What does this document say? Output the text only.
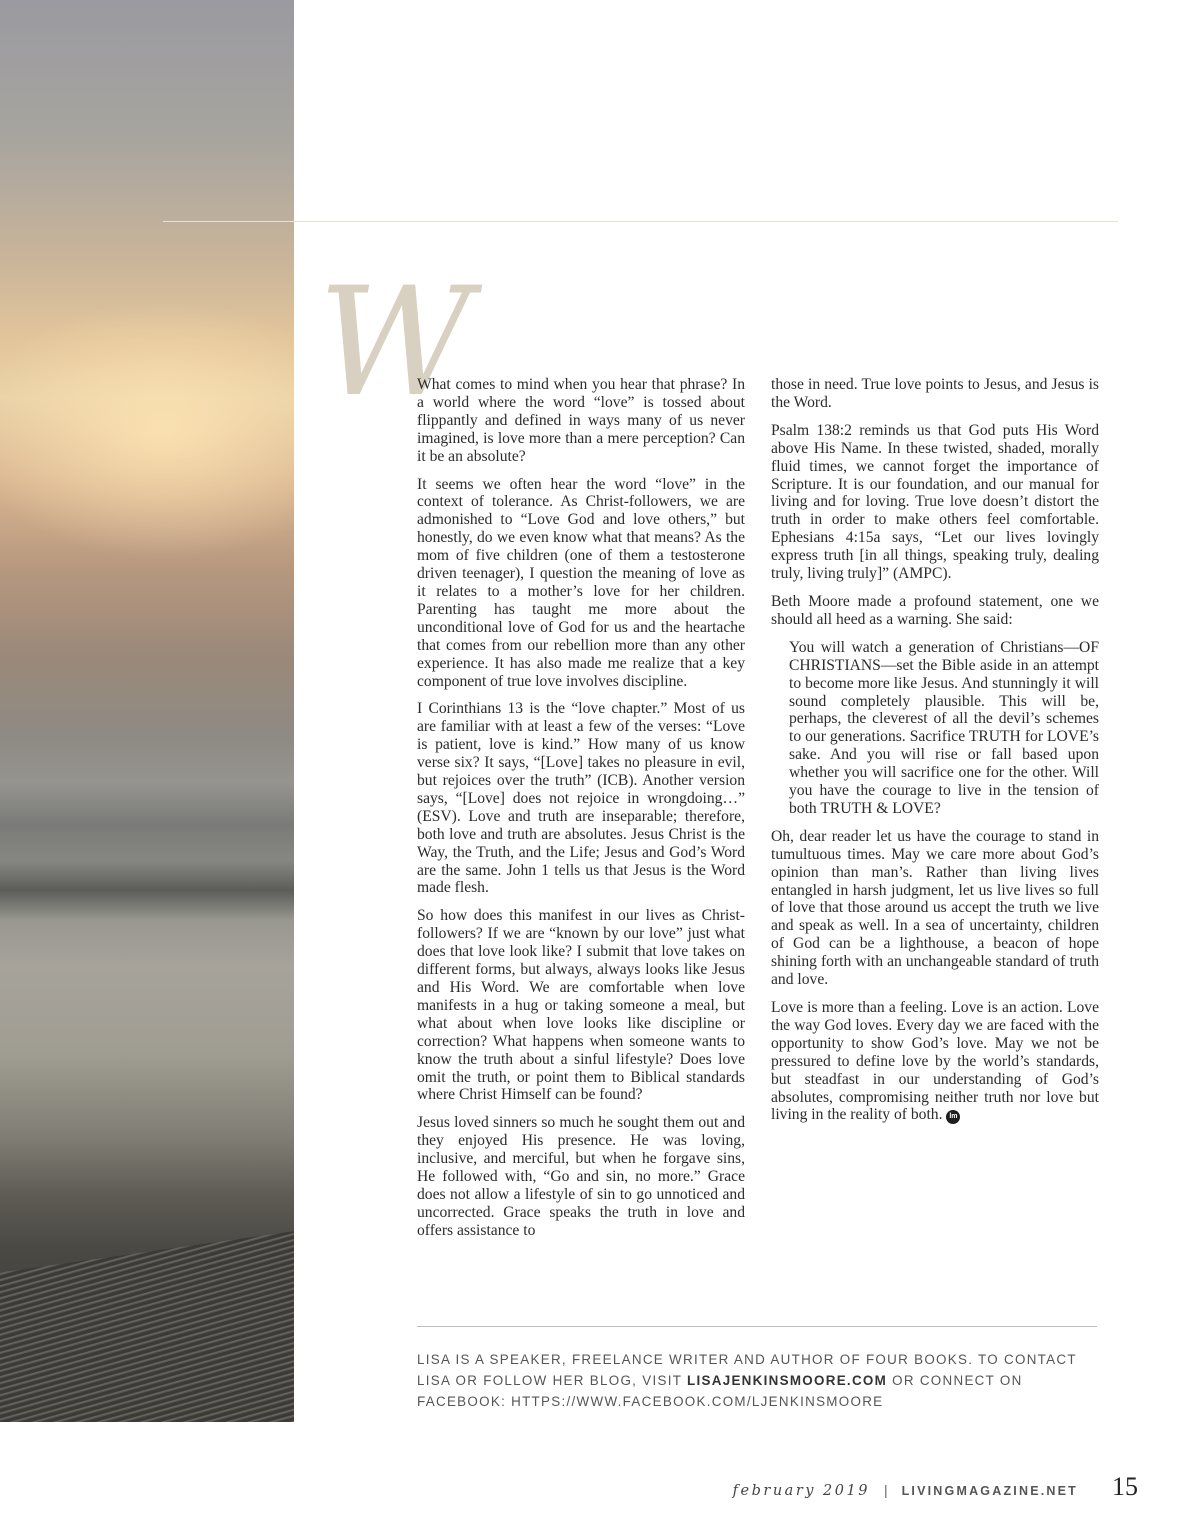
W

What comes to mind when you hear that phrase? In a world where the word “love” is tossed about flippantly and defined in ways many of us never imagined, is love more than a mere perception? Can it be an absolute?

It seems we often hear the word “love” in the context of tolerance. As Christ-followers, we are admonished to “Love God and love others,” but honestly, do we even know what that means? As the mom of five children (one of them a testosterone driven teenager), I question the meaning of love as it relates to a mother’s love for her children. Parenting has taught me more about the unconditional love of God for us and the heartache that comes from our rebellion more than any other experience. It has also made me realize that a key component of true love involves discipline.

I Corinthians 13 is the “love chapter.” Most of us are familiar with at least a few of the verses: “Love is patient, love is kind.” How many of us know verse six? It says, “[Love] takes no pleasure in evil, but rejoices over the truth” (ICB). Another version says, “[Love] does not rejoice in wrongdoing…” (ESV). Love and truth are inseparable; therefore, both love and truth are absolutes. Jesus Christ is the Way, the Truth, and the Life; Jesus and God’s Word are the same. John 1 tells us that Jesus is the Word made flesh.

So how does this manifest in our lives as Christ-followers? If we are “known by our love” just what does that love look like? I submit that love takes on different forms, but always, always looks like Jesus and His Word. We are comfortable when love manifests in a hug or taking someone a meal, but what about when love looks like discipline or correction? What happens when someone wants to know the truth about a sinful lifestyle? Does love omit the truth, or point them to Biblical standards where Christ Himself can be found?

Jesus loved sinners so much he sought them out and they enjoyed His presence. He was loving, inclusive, and merciful, but when he forgave sins, He followed with, “Go and sin, no more.” Grace does not allow a lifestyle of sin to go unnoticed and uncorrected. Grace speaks the truth in love and offers assistance to

those in need. True love points to Jesus, and Jesus is the Word.

Psalm 138:2 reminds us that God puts His Word above His Name. In these twisted, shaded, morally fluid times, we cannot forget the importance of Scripture. It is our foundation, and our manual for living and for loving. True love doesn’t distort the truth in order to make others feel comfortable. Ephesians 4:15a says, “Let our lives lovingly express truth [in all things, speaking truly, dealing truly, living truly]” (AMPC).

Beth Moore made a profound statement, one we should all heed as a warning. She said:

You will watch a generation of Christians—OF CHRISTIANS—set the Bible aside in an attempt to become more like Jesus. And stunningly it will sound completely plausible. This will be, perhaps, the cleverest of all the devil’s schemes to our generations. Sacrifice TRUTH for LOVE’s sake. And you will rise or fall based upon whether you will sacrifice one for the other. Will you have the courage to live in the tension of both TRUTH & LOVE?

Oh, dear reader let us have the courage to stand in tumultuous times. May we care more about God’s opinion than man’s. Rather than living lives entangled in harsh judgment, let us live lives so full of love that those around us accept the truth we live and speak as well. In a sea of uncertainty, children of God can be a lighthouse, a beacon of hope shining forth with an unchangeable standard of truth and love.

Love is more than a feeling. Love is an action. Love the way God loves. Every day we are faced with the opportunity to show God’s love. May we not be pressured to define love by the world’s standards, but steadfast in our understanding of God’s absolutes, compromising neither truth nor love but living in the reality of both. lm

LISA IS A SPEAKER, FREELANCE WRITER AND AUTHOR OF FOUR BOOKS. TO CONTACT LISA OR FOLLOW HER BLOG, VISIT LISAJENKINSMOORE.COM OR CONNECT ON FACEBOOK: HTTPS://WWW.FACEBOOK.COM/LJENKINSMOORE
february 2019 | LIVINGMAGAZINE.NET 15
